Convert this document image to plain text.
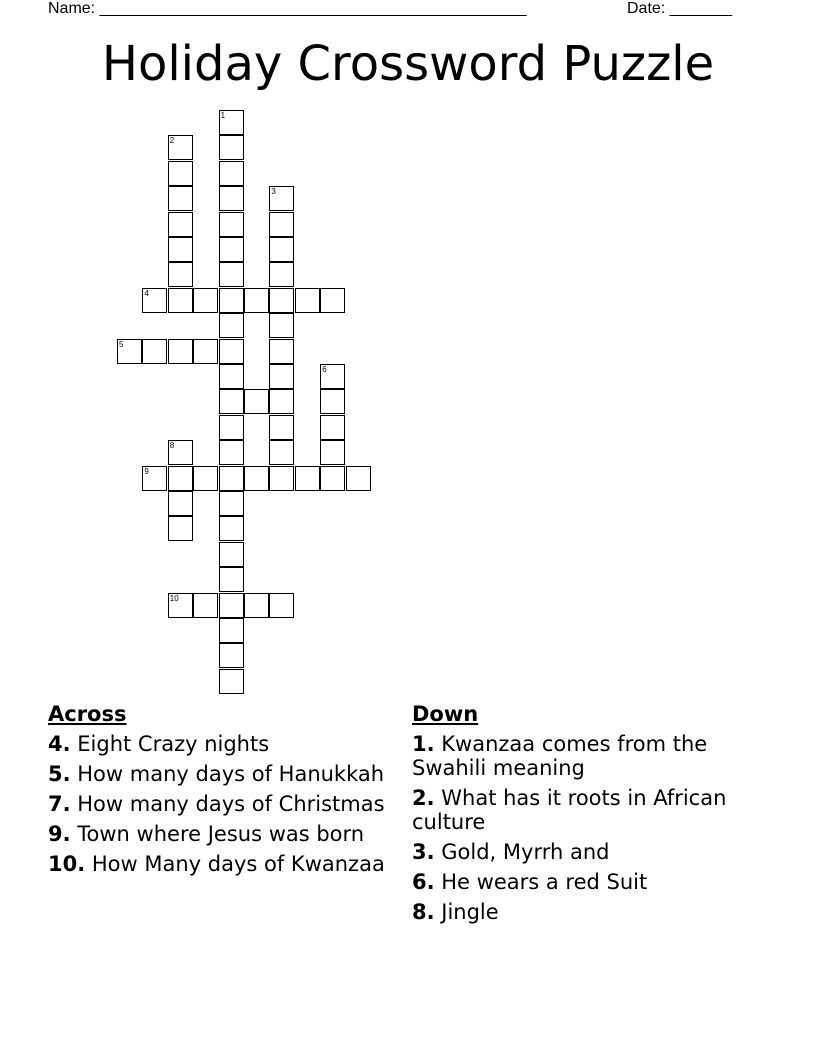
Name: ________________________________________________	Date: _______
Holiday Crossword Puzzle
1
2
3
4
5
6
8
9
10
Across
4. Eight Crazy nights
5. How many days of Hanukkah
7. How many days of Christmas
9. Town where Jesus was born
10. How Many days of Kwanzaa
Down
1. Kwanzaa comes from the Swahili meaning
2. What has it roots in African culture
3. Gold, Myrrh and
6. He wears a red Suit
8. Jingle
